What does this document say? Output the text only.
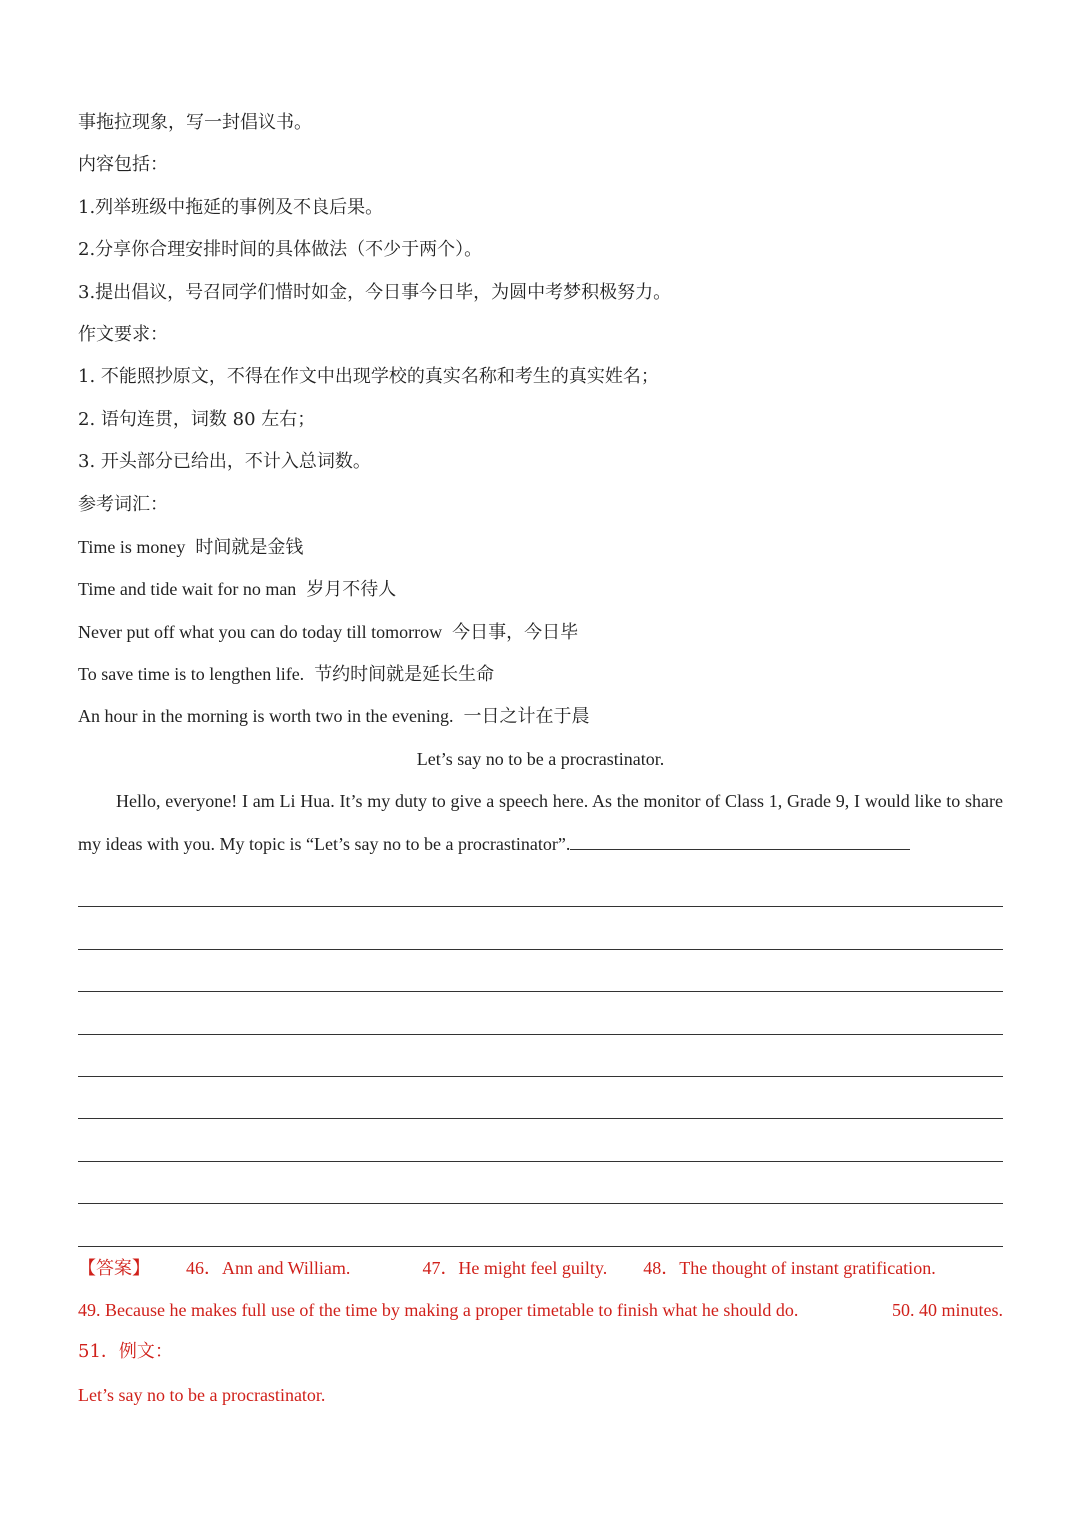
事拖拉现象，写一封倡议书。
内容包括：
1.列举班级中拖延的事例及不良后果。
2.分享你合理安排时间的具体做法（不少于两个）。
3.提出倡议，号召同学们惜时如金，今日事今日毕，为圆中考梦积极努力。
作文要求：
1. 不能照抄原文，不得在作文中出现学校的真实名称和考生的真实姓名；
2. 语句连贯，词数 80 左右；
3. 开头部分已给出，不计入总词数。
参考词汇：
Time is money 时间就是金钱
Time and tide wait for no man 岁月不待人
Never put off what you can do today till tomorrow 今日事，今日毕
To save time is to lengthen life. 节约时间就是延长生命
An hour in the morning is worth two in the evening. 一日之计在于晨
Let’s say no to be a procrastinator.

Hello, everyone! I am Li Hua. It’s my duty to give a speech here. As the monitor of Class 1, Grade 9, I would like to share my ideas with you. My topic is “Let’s say no to be a procrastinator”.

【答案】 46．Ann and William.	47．He might feel guilty. 48．The thought of instant gratification.
49. Because he makes full use of the time by making a proper timetable to finish what he should do.	50. 40 minutes.
51．例文：
Let’s say no to be a procrastinator.
